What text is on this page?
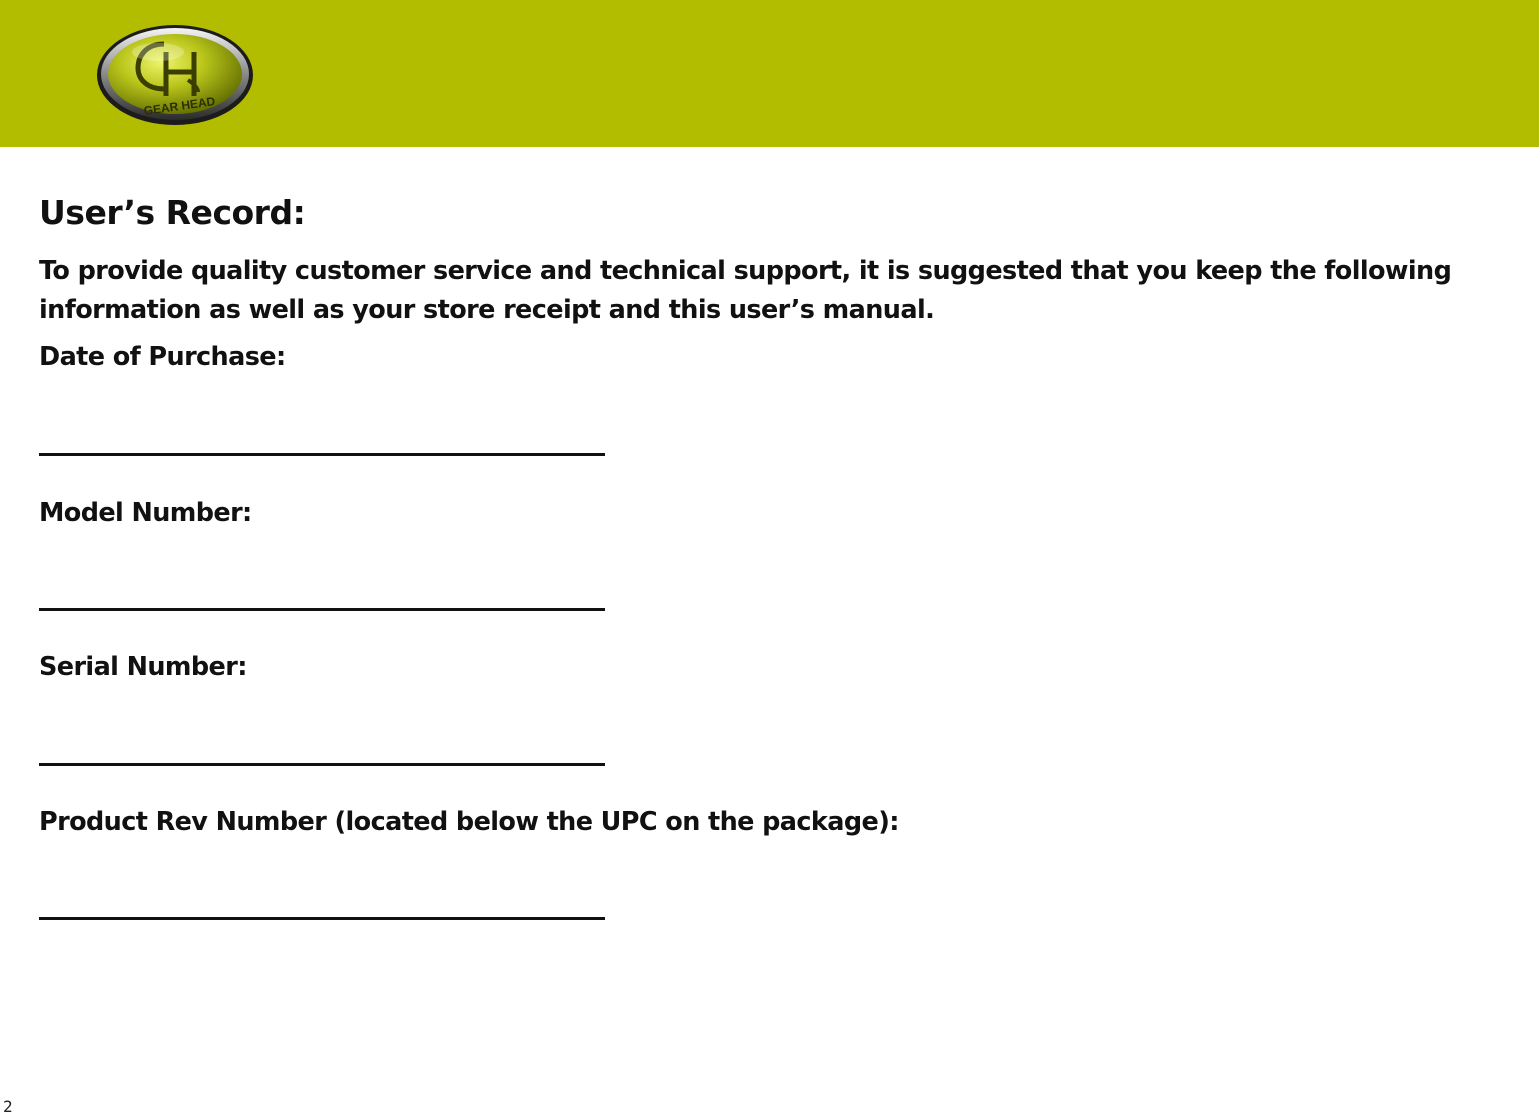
GEAR HEAD
User’s Record:

To provide quality customer service and technical support, it is suggested that you keep the following information as well as your store receipt and this user’s manual.

Date of Purchase:

Model Number:

Serial Number:

Product Rev Number (located below the UPC on the package):

2
